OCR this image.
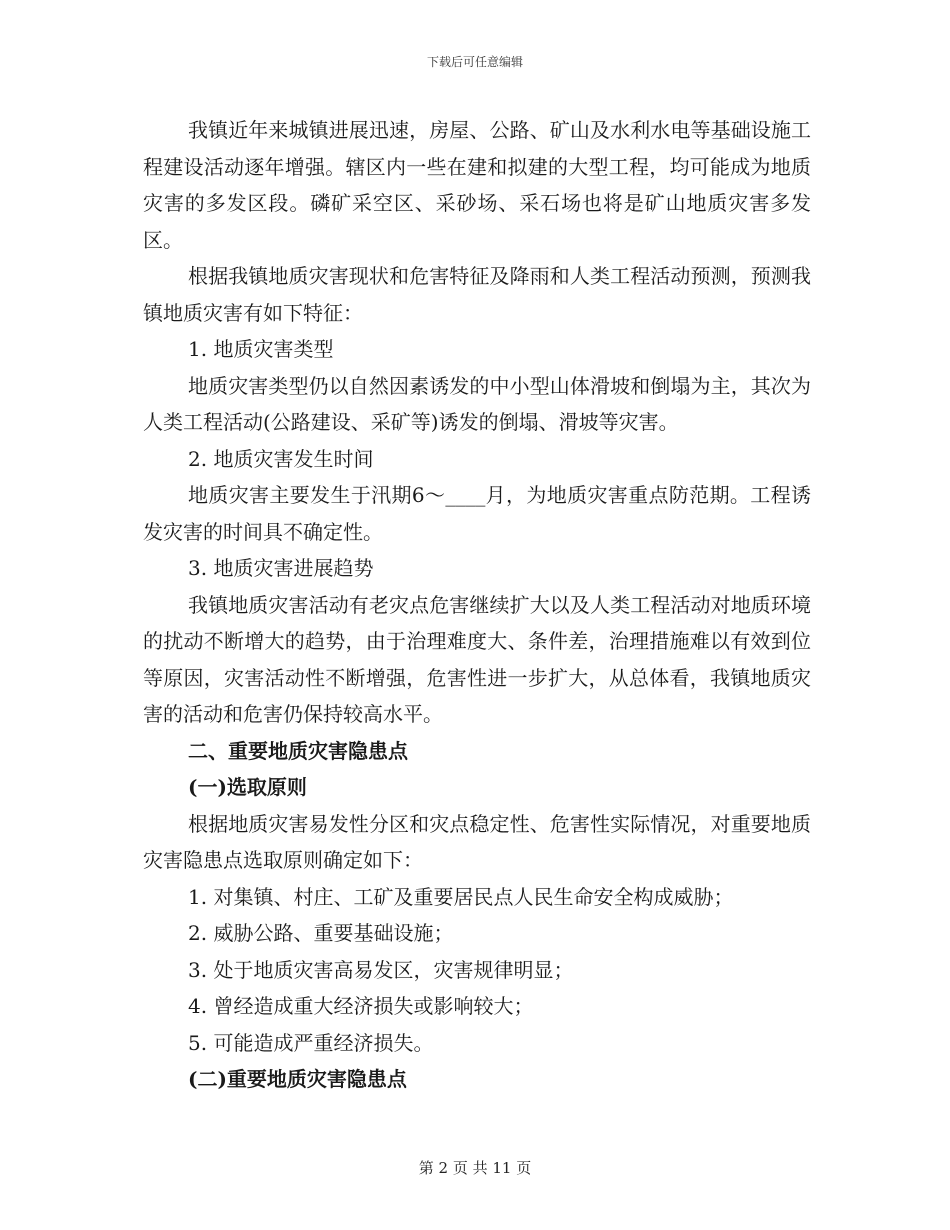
下载后可任意编辑

我镇近年来城镇进展迅速，房屋、公路、矿山及水利水电等基础设施工程建设活动逐年增强。辖区内一些在建和拟建的大型工程，均可能成为地质灾害的多发区段。磷矿采空区、采砂场、采石场也将是矿山地质灾害多发区。

根据我镇地质灾害现状和危害特征及降雨和人类工程活动预测，预测我镇地质灾害有如下特征：

1. 地质灾害类型

地质灾害类型仍以自然因素诱发的中小型山体滑坡和倒塌为主，其次为人类工程活动(公路建设、采矿等)诱发的倒塌、滑坡等灾害。

2. 地质灾害发生时间

地质灾害主要发生于汛期6～____月，为地质灾害重点防范期。工程诱发灾害的时间具不确定性。

3. 地质灾害进展趋势

我镇地质灾害活动有老灾点危害继续扩大以及人类工程活动对地质环境的扰动不断增大的趋势，由于治理难度大、条件差，治理措施难以有效到位等原因，灾害活动性不断增强，危害性进一步扩大，从总体看，我镇地质灾害的活动和危害仍保持较高水平。

二、重要地质灾害隐患点

(一)选取原则

根据地质灾害易发性分区和灾点稳定性、危害性实际情况，对重要地质灾害隐患点选取原则确定如下：

1. 对集镇、村庄、工矿及重要居民点人民生命安全构成威胁；

2. 威胁公路、重要基础设施；

3. 处于地质灾害高易发区，灾害规律明显；

4. 曾经造成重大经济损失或影响较大；

5. 可能造成严重经济损失。

(二)重要地质灾害隐患点

第 2 页 共 11 页
